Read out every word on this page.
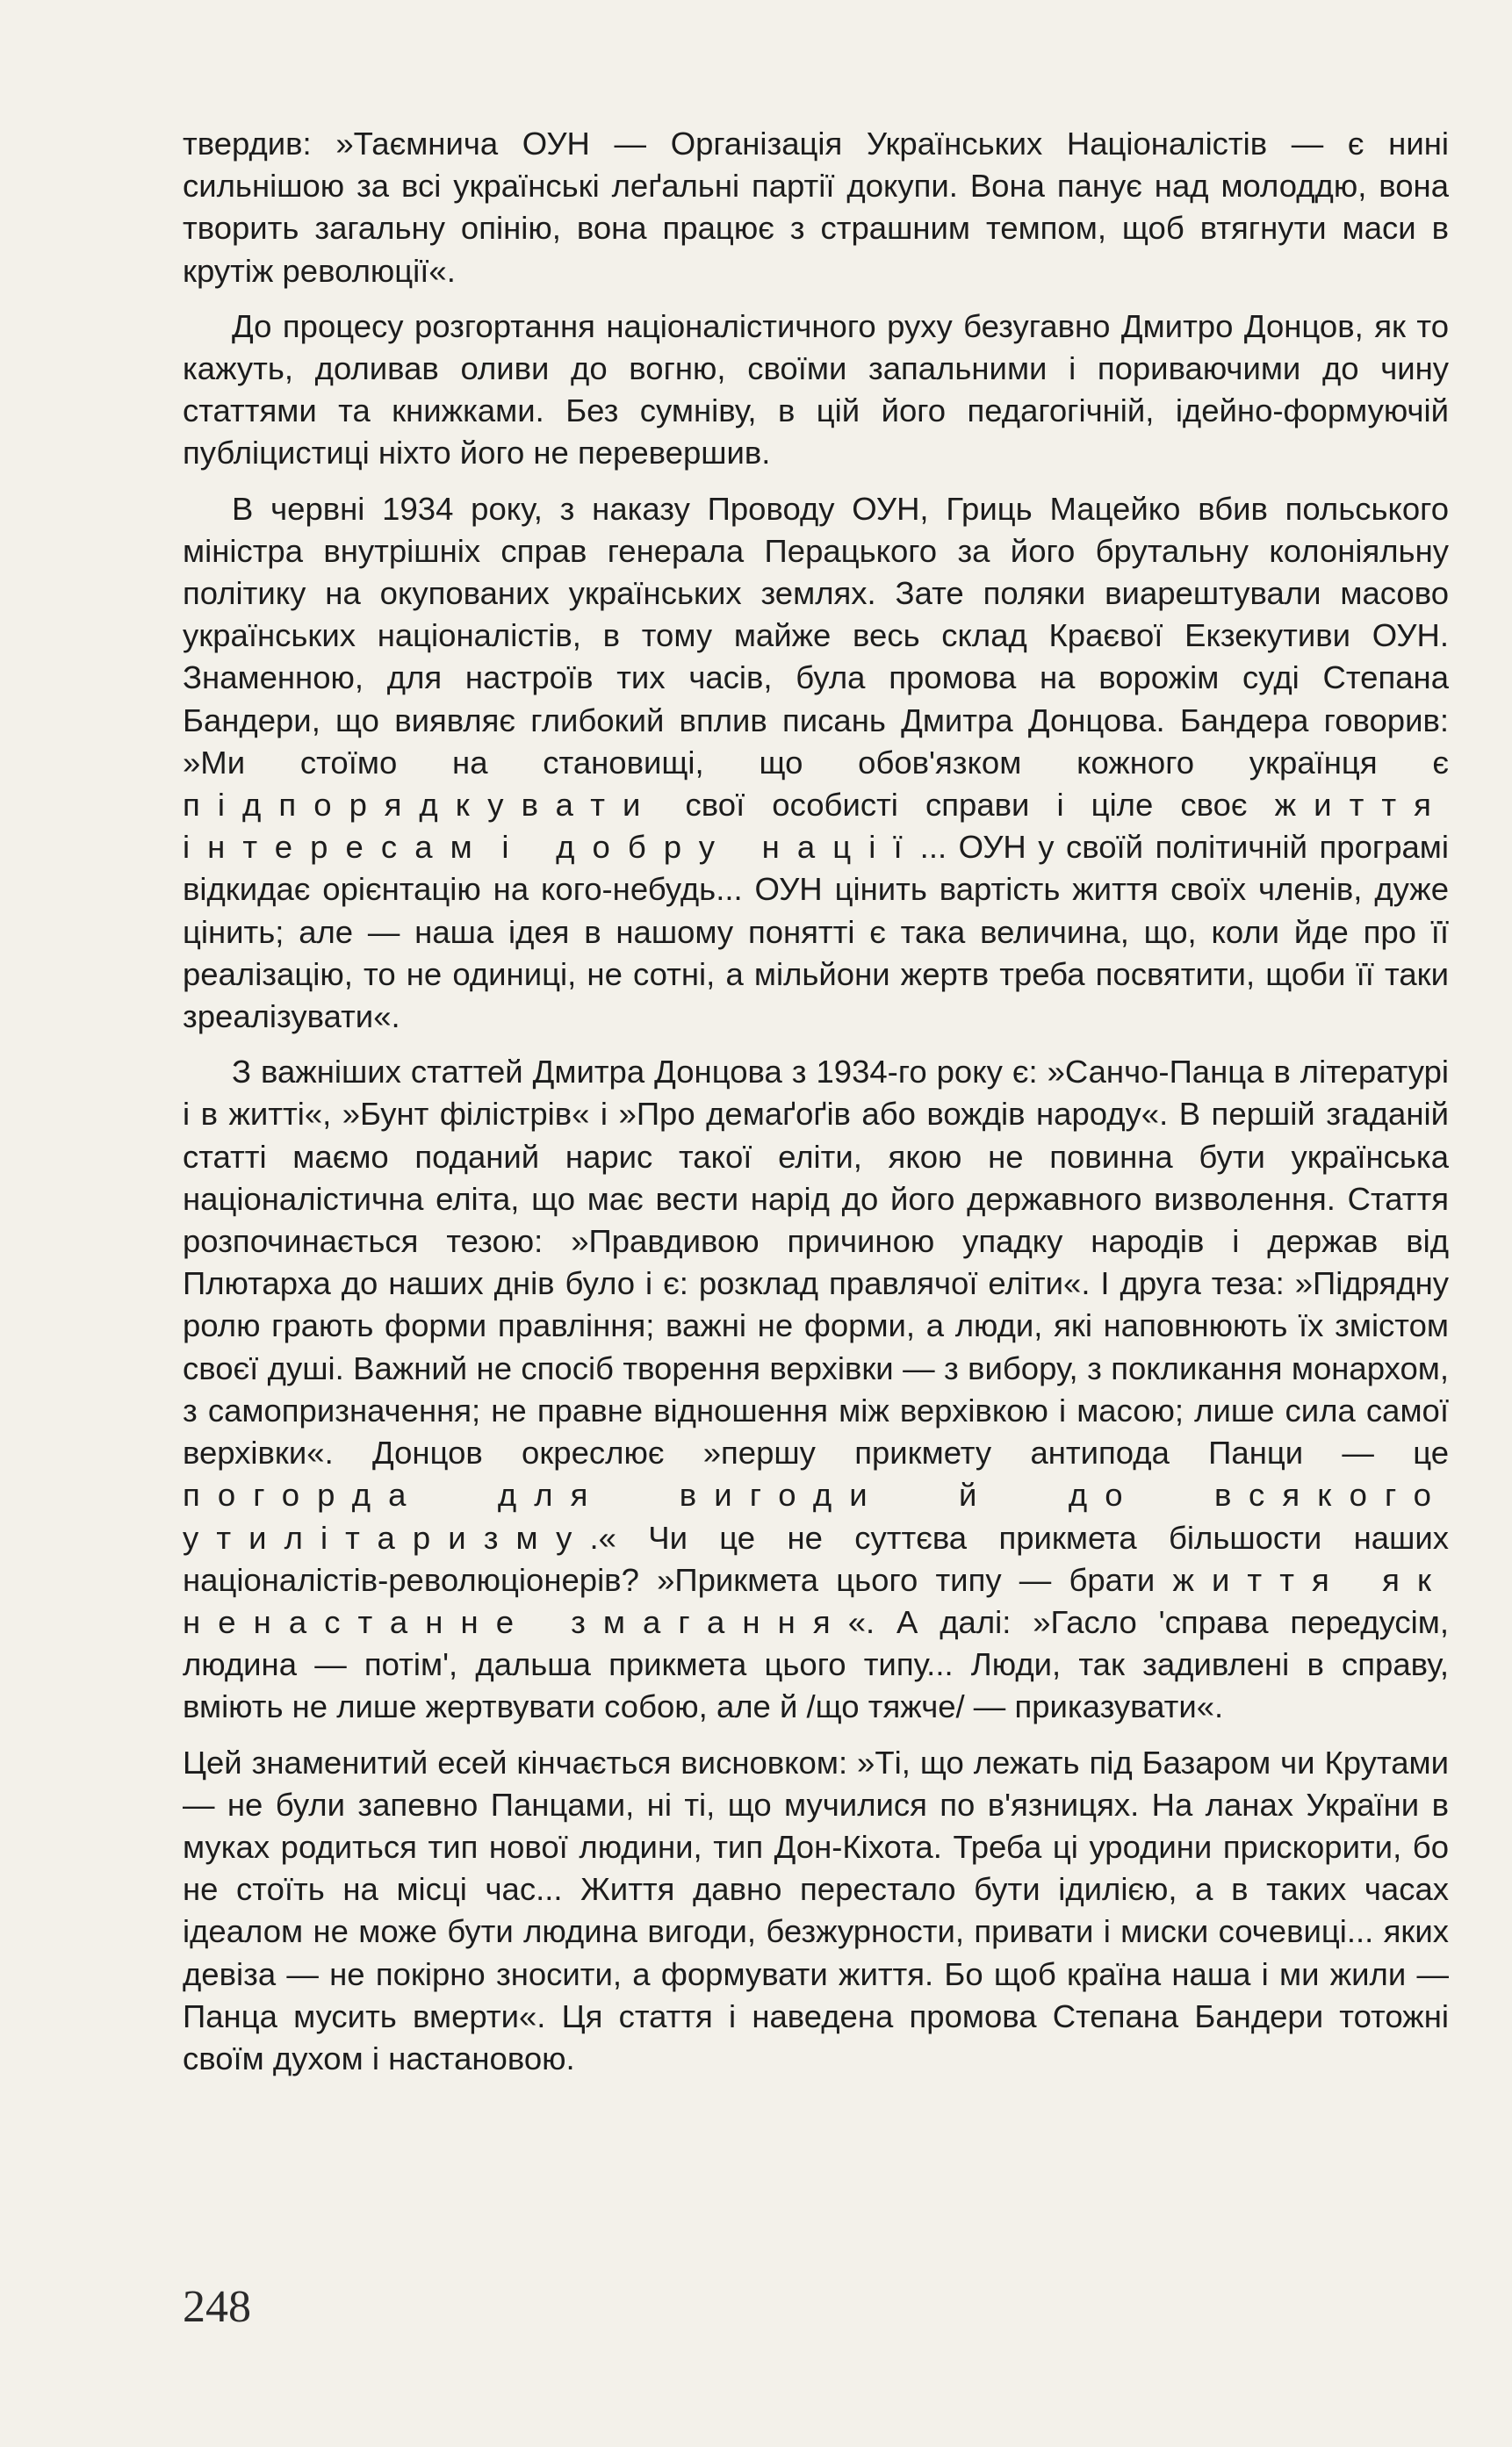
твердив: »Таємнича ОУН — Організація Українських Націоналістів — є нині сильнішою за всі українські леґальні партії докупи. Вона панує над молоддю, вона творить загальну опінію, вона працює з страшним темпом, щоб втягнути маси в крутіж революції«.

До процесу розгортання націоналістичного руху безугавно Дмитро Донцов, як то кажуть, доливав оливи до вогню, своїми запальними і пориваючими до чину статтями та книжками. Без сумніву, в цій його педагогічній, ідейно-формуючій публіцистиці ніхто його не перевершив.

В червні 1934 року, з наказу Проводу ОУН, Гриць Мацейко вбив польського міністра внутрішніх справ генерала Перацького за його брутальну колоніяльну політику на окупованих українських землях. Зате поляки виарештували масово українських націоналістів, в тому майже весь склад Краєвої Екзекутиви ОУН. Знаменною, для настроїв тих часів, була промова на ворожім суді Степана Бандери, що виявляє глибокий вплив писань Дмитра Донцова. Бандера говорив: »Ми стоїмо на становищі, що обов'язком кожного українця є підпорядкувати свої особисті справи і ціле своє життя інтересам і добру нації... ОУН у своїй політичній програмі відкидає орієнтацію на кого-небудь... ОУН цінить вартість життя своїх членів, дуже цінить; але — наша ідея в нашому понятті є така величина, що, коли йде про її реалізацію, то не одиниці, не сотні, а мільйони жертв треба посвятити, щоби її таки зреалізувати«.

З важніших статтей Дмитра Донцова з 1934-го року є: »Санчо-Панца в літературі і в житті«, »Бунт філістрів« і »Про демаґоґів або вождів народу«. В першій згаданій статті маємо поданий нарис такої еліти, якою не повинна бути українська націоналістична еліта, що має вести нарід до його державного визволення. Стаття розпочинається тезою: »Правдивою причиною упадку народів і держав від Плютарха до наших днів було і є: розклад правлячої еліти«. І друга теза: »Підрядну ролю грають форми правління; важні не форми, а люди, які наповнюють їх змістом своєї душі. Важний не спосіб творення верхівки — з вибору, з покликання монархом, з самопризначення; не правне відношення між верхівкою і масою; лише сила самої верхівки«. Донцов окреслює »першу прикмету антипода Панци — це погорда для вигоди й до всякого утилітаризму.« Чи це не суттєва прикмета більшости наших націоналістів-революціонерів? »Прикмета цього типу — брати життя як ненастанне змагання«. А далі: »Гасло 'справа передусім, людина — потім', дальша прикмета цього типу... Люди, так задивлені в справу, вміють не лише жертвувати собою, але й /що тяжче/ — приказувати«.

Цей знаменитий есей кінчається висновком: »Ті, що лежать під Базаром чи Крутами — не були запевно Панцами, ні ті, що мучилися по в'язницях. На ланах України в муках родиться тип нової людини, тип Дон-Кіхота. Треба ці уродини прискорити, бо не стоїть на місці час... Життя давно перестало бути ідилією, а в таких часах ідеалом не може бути людина вигоди, безжурности, привати і миски сочевиці... яких девіза — не покірно зносити, а формувати життя. Бо щоб країна наша і ми жили — Панца мусить вмерти«. Ця стаття і наведена промова Степана Бандери тотожні своїм духом і настановою.

248
